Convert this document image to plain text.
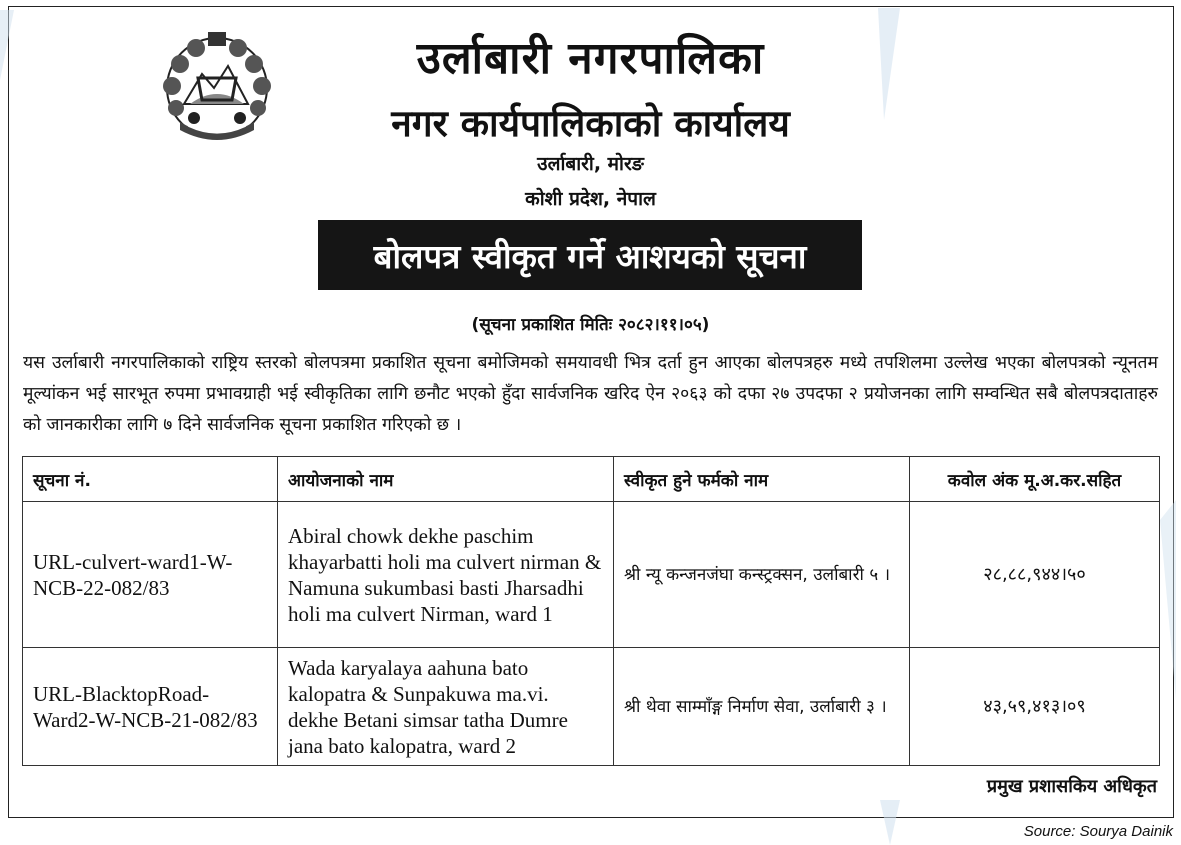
उर्लाबारी नगरपालिका
नगर कार्यपालिकाको कार्यालय
उर्लाबारी, मोरङ
कोशी प्रदेश, नेपाल
बोलपत्र स्वीकृत गर्ने आशयको सूचना
(सूचना प्रकाशित मितिः २०८२।११।०५)
यस उर्लाबारी नगरपालिकाको राष्ट्रिय स्तरको बोलपत्रमा प्रकाशित सूचना बमोजिमको समयावधी भित्र दर्ता हुन आएका बोलपत्रहरु मध्ये तपशिलमा उल्लेख भएका बोलपत्रको न्यूनतम मूल्यांकन भई सारभूत रुपमा प्रभावग्राही भई स्वीकृतिका लागि छनौट भएको हुँदा सार्वजनिक खरिद ऐन २०६३ को दफा २७ उपदफा २ प्रयोजनका लागि सम्वन्धित सबै बोलपत्रदाताहरु को जानकारीका लागि ७ दिने सार्वजनिक सूचना प्रकाशित गरिएको छ ।
सूचना नं.	आयोजनाको नाम	स्वीकृत हुने फर्मको नाम	कवोल अंक मू.अ.कर.सहित
URL-culvert-ward1-W-NCB-22-082/83	Abiral chowk dekhe paschim khayarbatti holi ma culvert nirman & Namuna sukumbasi basti Jharsadhi holi ma culvert Nirman, ward 1	श्री न्यू कन्जनजंघा कन्स्ट्रक्सन, उर्लाबारी ५ ।	२८,८८,९४४।५०
URL-BlacktopRoad-Ward2-W-NCB-21-082/83	Wada karyalaya aahuna bato kalopatra & Sunpakuwa ma.vi. dekhe Betani simsar tatha Dumre jana bato kalopatra, ward 2	श्री थेवा साम्माँङ्ग निर्माण सेवा, उर्लाबारी ३ ।	४३,५९,४१३।०९
प्रमुख प्रशासकिय अधिकृत
Source: Sourya Dainik
